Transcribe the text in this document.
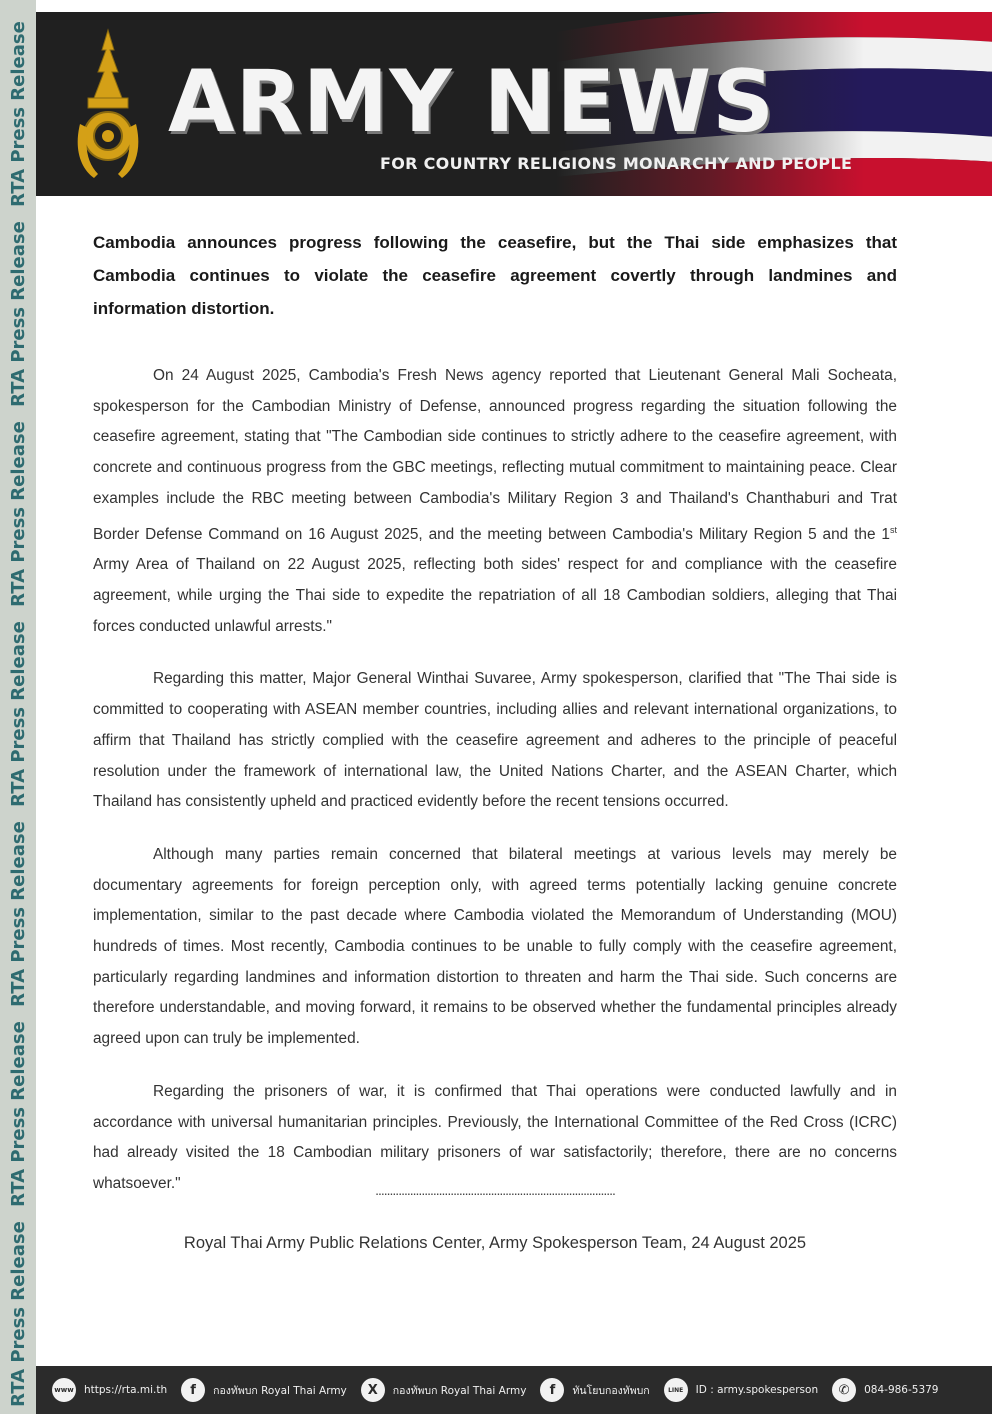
RTA Press Release
RTA Press Release
RTA Press Release
RTA Press Release
RTA Press Release
RTA Press Release
RTA Press Release ARMY NEWS
FOR COUNTRY RELIGIONS MONARCHY AND PEOPLE
Cambodia announces progress following the ceasefire, but the Thai side emphasizes that Cambodia continues to violate the ceasefire agreement covertly through landmines and information distortion.

On 24 August 2025, Cambodia's Fresh News agency reported that Lieutenant General Mali Socheata, spokesperson for the Cambodian Ministry of Defense, announced progress regarding the situation following the ceasefire agreement, stating that "The Cambodian side continues to strictly adhere to the ceasefire agreement, with concrete and continuous progress from the GBC meetings, reflecting mutual commitment to maintaining peace. Clear examples include the RBC meeting between Cambodia's Military Region 3 and Thailand's Chanthaburi and Trat Border Defense Command on 16 August 2025, and the meeting between Cambodia's Military Region 5 and the 1st Army Area of Thailand on 22 August 2025, reflecting both sides' respect for and compliance with the ceasefire agreement, while urging the Thai side to expedite the repatriation of all 18 Cambodian soldiers, alleging that Thai forces conducted unlawful arrests."

Regarding this matter, Major General Winthai Suvaree, Army spokesperson, clarified that "The Thai side is committed to cooperating with ASEAN member countries, including allies and relevant international organizations, to affirm that Thailand has strictly complied with the ceasefire agreement and adheres to the principle of peaceful resolution under the framework of international law, the United Nations Charter, and the ASEAN Charter, which Thailand has consistently upheld and practiced evidently before the recent tensions occurred.

Although many parties remain concerned that bilateral meetings at various levels may merely be documentary agreements for foreign perception only, with agreed terms potentially lacking genuine concrete implementation, similar to the past decade where Cambodia violated the Memorandum of Understanding (MOU) hundreds of times. Most recently, Cambodia continues to be unable to fully comply with the ceasefire agreement, particularly regarding landmines and information distortion to threaten and harm the Thai side. Such concerns are therefore understandable, and moving forward, it remains to be observed whether the fundamental principles already agreed upon can truly be implemented.

Regarding the prisoners of war, it is confirmed that Thai operations were conducted lawfully and in accordance with universal humanitarian principles. Previously, the International Committee of the Red Cross (ICRC) had already visited the 18 Cambodian military prisoners of war satisfactorily; therefore, there are no concerns whatsoever."	...................................................................................
Royal Thai Army Public Relations Center, Army Spokesperson Team, 24 August 2025
www https://rta.mi.th	f	กองทัพบก Royal Thai Army	X	กองทัพบก Royal Thai Army	f	ทันโยบกองทัพบก	LINE	ID : army.spokesperson	✆	084-986-5379
